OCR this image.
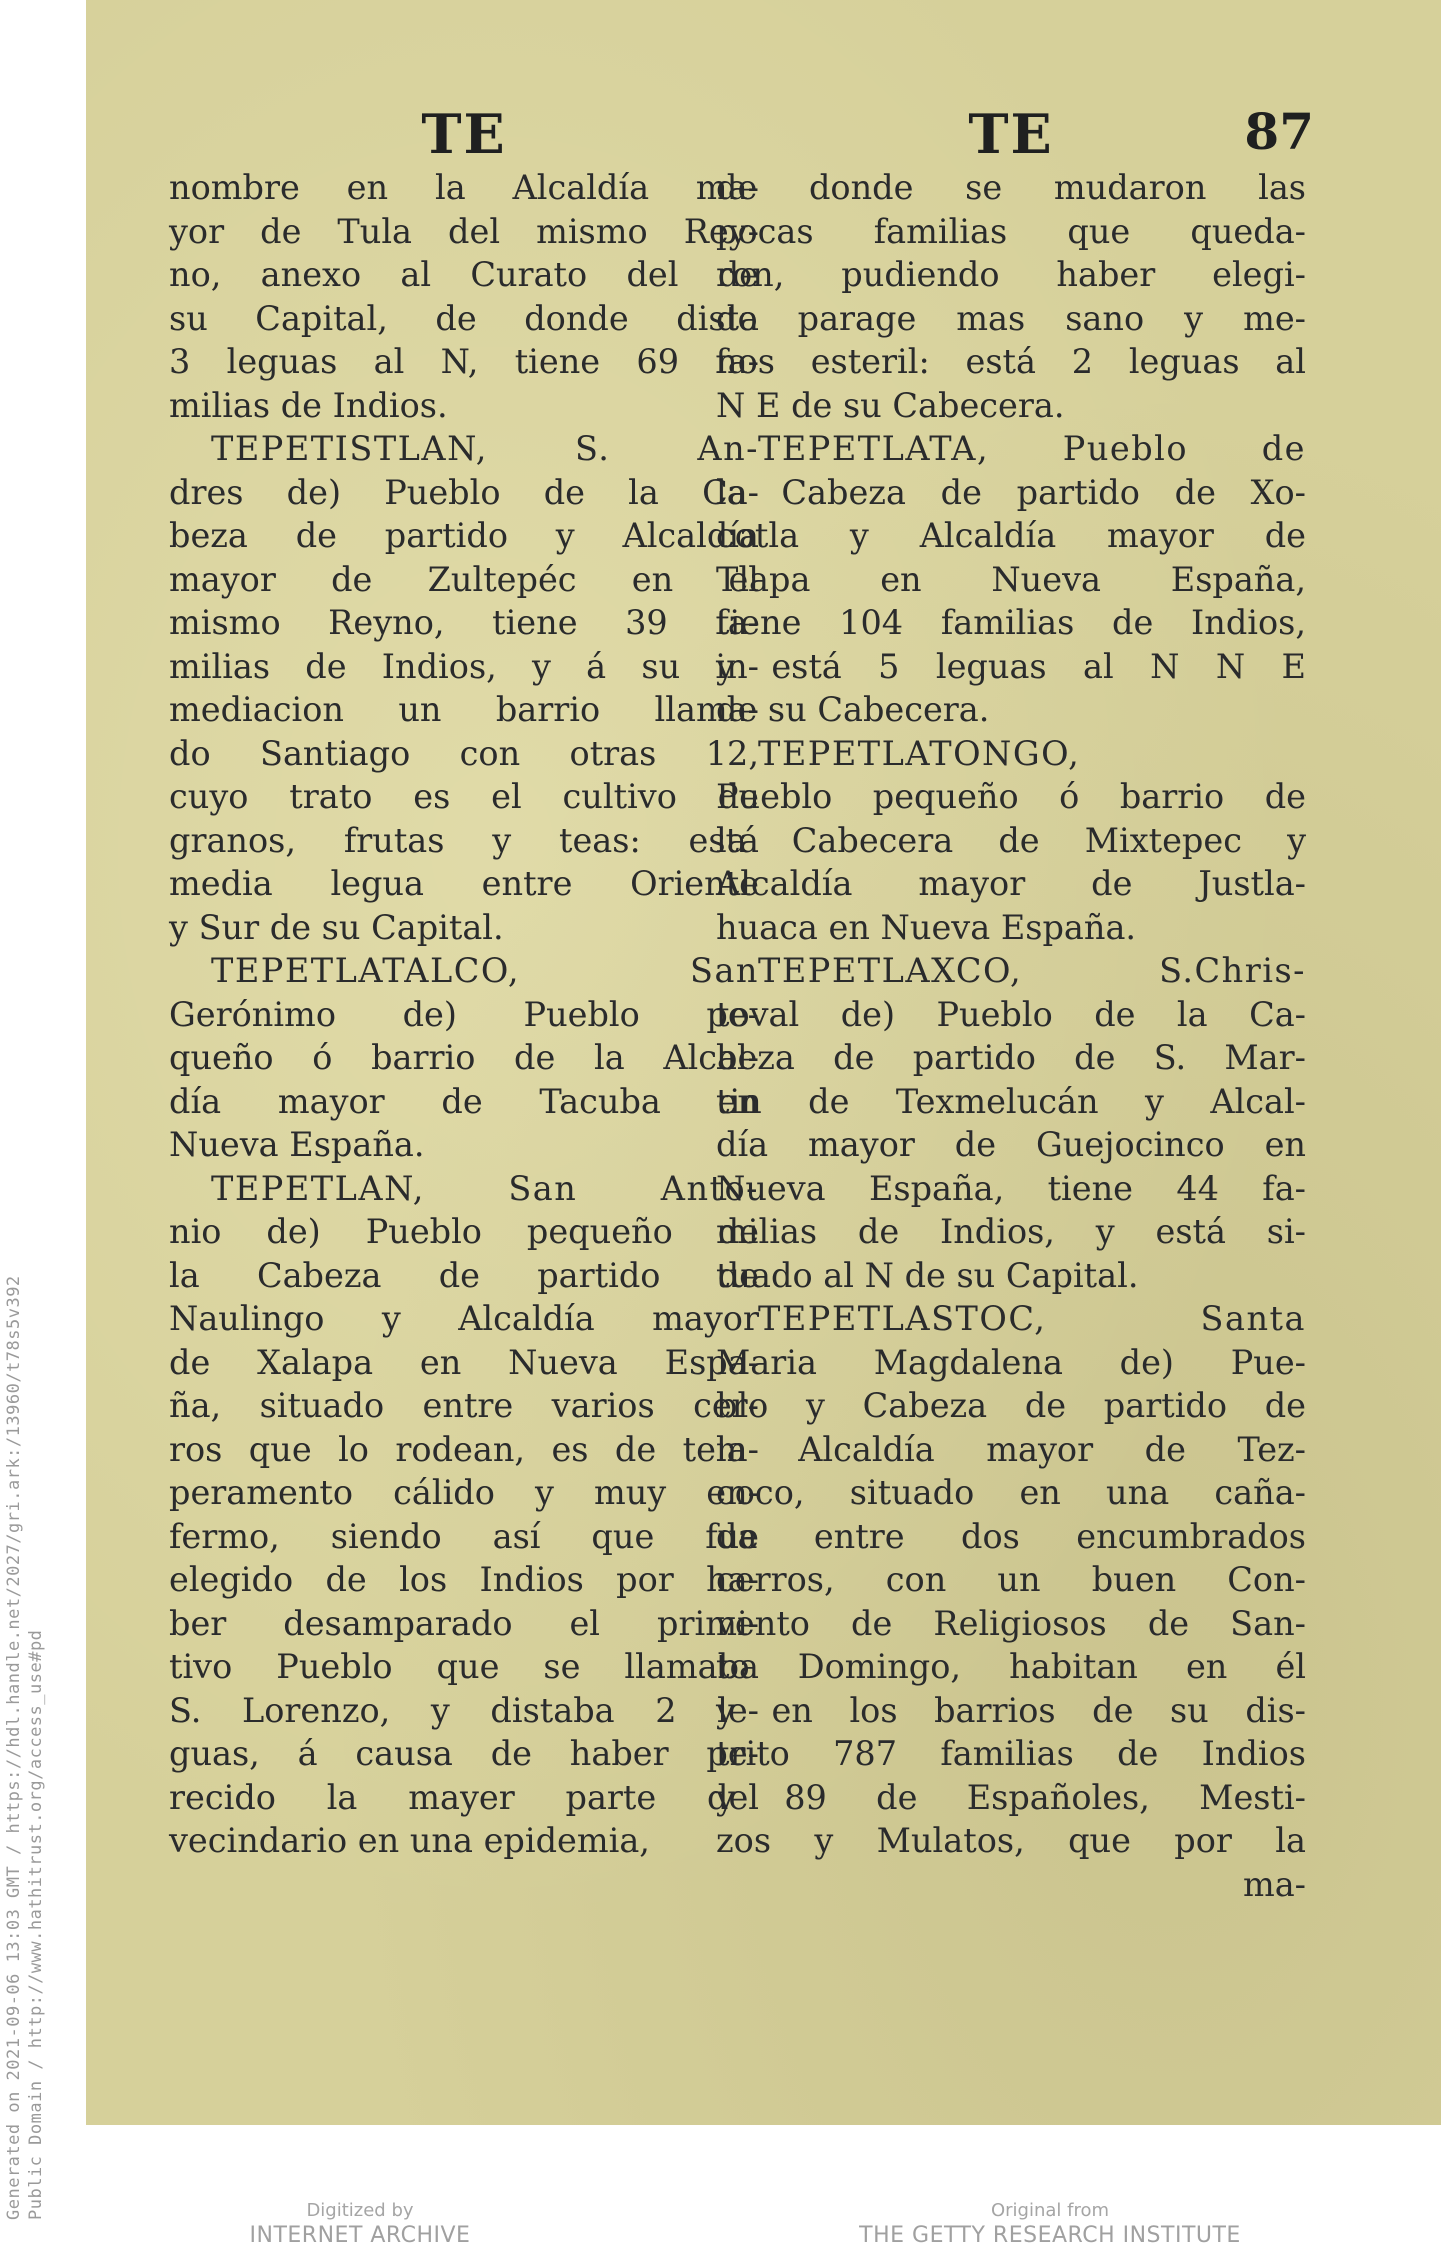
Generated on 2021-09-06 13:03 GMT / https://hdl.handle.net/2027/gri.ark:/13960/t78s5v392 Public Domain / http://www.hathitrust.org/access_use#pd
TE
nombre en la Alcaldía ma-
yor de Tula del mismo Rey-
no, anexo al Curato del de
su Capital, de donde dista
3 leguas al N, tiene 69 fa-
milias de Indios.
TEPETISTLAN, S. An-
dres de) Pueblo de la Ca-
beza de partido y Alcaldía
mayor de Zultepéc en el
mismo Reyno, tiene 39 fa-
milias de Indios, y á su in-
mediacion un barrio llama-
do Santiago con otras 12,
cuyo trato es el cultivo de
granos, frutas y teas: está
media legua entre Oriente
y Sur de su Capital.
TEPETLATALCO, San
Gerónimo de) Pueblo pe-
queño ó barrio de la Alcal-
día mayor de Tacuba en
Nueva España.
TEPETLAN, San Anto-
nio de) Pueblo pequeño de
la Cabeza de partido de
Naulingo y Alcaldía mayor
de Xalapa en Nueva Espa-
ña, situado entre varios cer-
ros que lo rodean, es de tem-
peramento cálido y muy en-
fermo, siendo así que fue
elegido de los Indios por ha-
ber desamparado el primi-
tivo Pueblo que se llamaba
S. Lorenzo, y distaba 2 le-
guas, á causa de haber pe-
recido la mayer parte del
vecindario en una epidemia,
TE	87
de donde se mudaron las
pocas familias que queda-
ron, pudiendo haber elegi-
do parage mas sano y me-
nos esteril: está 2 leguas al
N E de su Cabecera.
TEPETLATA, Pueblo de
la Cabeza de partido de Xo-
cotla y Alcaldía mayor de
Tlapa en Nueva España,
tiene 104 familias de Indios,
y está 5 leguas al N N E
de su Cabecera.
TEPETLATONGO,
Pueblo pequeño ó barrio de
la Cabecera de Mixtepec y
Alcaldía mayor de Justla-
huaca en Nueva España.
TEPETLAXCO, S.Chris-
toval de) Pueblo de la Ca-
beza de partido de S. Mar-
tin de Texmelucán y Alcal-
día mayor de Guejocinco en
Nueva España, tiene 44 fa-
milias de Indios, y está si-
tuado al N de su Capital.
TEPETLASTOC, Santa
Maria Magdalena de) Pue-
blo y Cabeza de partido de
la Alcaldía mayor de Tez-
coco, situado en una caña-
da entre dos encumbrados
cerros, con un buen Con-
vento de Religiosos de San-
to Domingo, habitan en él
y en los barrios de su dis-
trito 787 familias de Indios
y 89 de Españoles, Mesti-
zos y Mulatos, que por la
ma-
Digitized by
INTERNET ARCHIVE
Original from
THE GETTY RESEARCH INSTITUTE
